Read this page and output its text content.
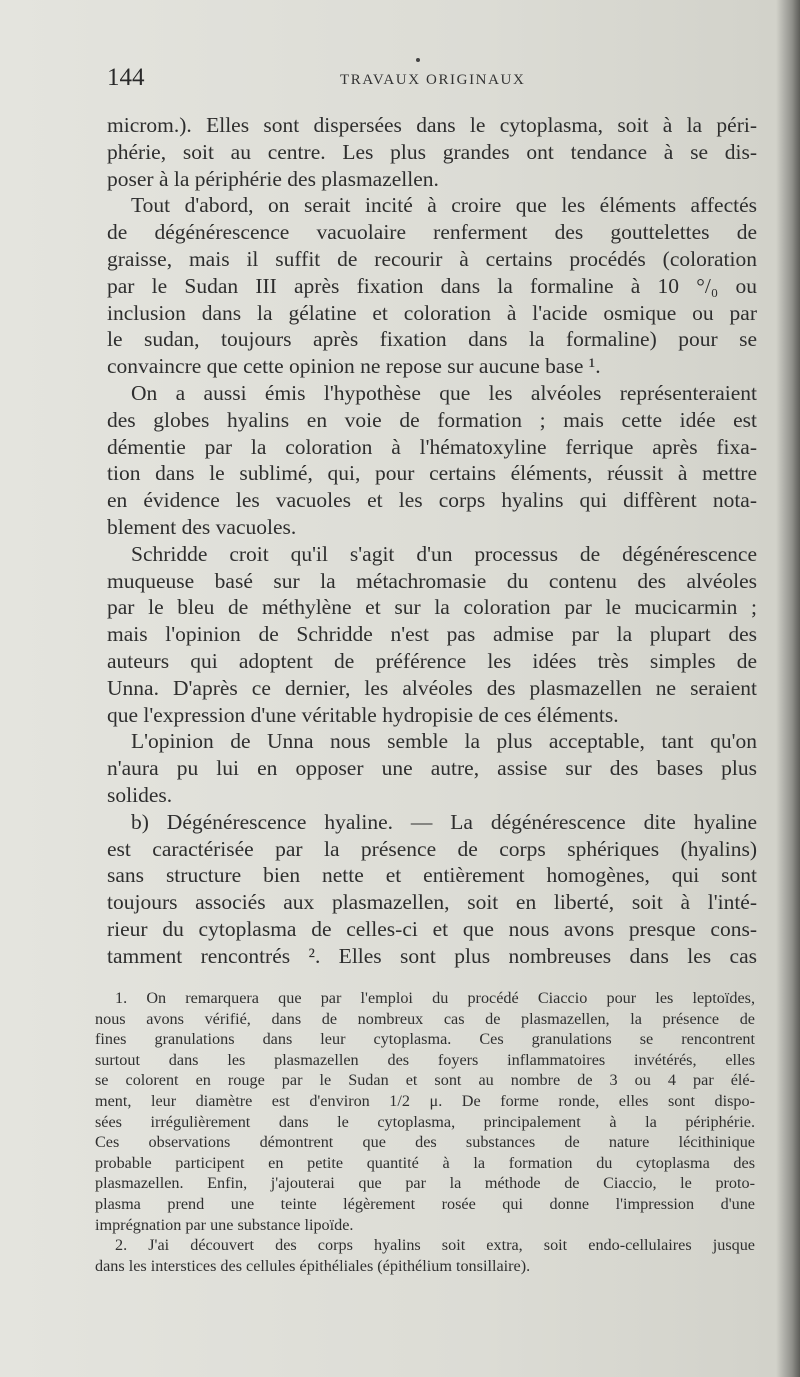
144	TRAVAUX ORIGINAUX
microm.). Elles sont dispersées dans le cytoplasma, soit à la péri-
phérie, soit au centre. Les plus grandes ont tendance à se dis-
poser à la périphérie des plasmazellen.
Tout d'abord, on serait incité à croire que les éléments affectés
de dégénérescence vacuolaire renferment des gouttelettes de
graisse, mais il suffit de recourir à certains procédés (coloration
par le Sudan III après fixation dans la formaline à 10 °/₀ ou
inclusion dans la gélatine et coloration à l'acide osmique ou par
le sudan, toujours après fixation dans la formaline) pour se
convaincre que cette opinion ne repose sur aucune base ¹.
On a aussi émis l'hypothèse que les alvéoles représenteraient
des globes hyalins en voie de formation ; mais cette idée est
démentie par la coloration à l'hématoxyline ferrique après fixa-
tion dans le sublimé, qui, pour certains éléments, réussit à mettre
en évidence les vacuoles et les corps hyalins qui diffèrent nota-
blement des vacuoles.
Schridde croit qu'il s'agit d'un processus de dégénérescence
muqueuse basé sur la métachromasie du contenu des alvéoles
par le bleu de méthylène et sur la coloration par le mucicarmin ;
mais l'opinion de Schridde n'est pas admise par la plupart des
auteurs qui adoptent de préférence les idées très simples de
Unna. D'après ce dernier, les alvéoles des plasmazellen ne seraient
que l'expression d'une véritable hydropisie de ces éléments.
L'opinion de Unna nous semble la plus acceptable, tant qu'on
n'aura pu lui en opposer une autre, assise sur des bases plus
solides.
b) Dégénérescence hyaline. — La dégénérescence dite hyaline
est caractérisée par la présence de corps sphériques (hyalins)
sans structure bien nette et entièrement homogènes, qui sont
toujours associés aux plasmazellen, soit en liberté, soit à l'inté-
rieur du cytoplasma de celles-ci et que nous avons presque cons-
tamment rencontrés ². Elles sont plus nombreuses dans les cas
1. On remarquera que par l'emploi du procédé Ciaccio pour les leptoïdes,
nous avons vérifié, dans de nombreux cas de plasmazellen, la présence de
fines granulations dans leur cytoplasma. Ces granulations se rencontrent
surtout dans les plasmazellen des foyers inflammatoires invétérés, elles
se colorent en rouge par le Sudan et sont au nombre de 3 ou 4 par élé-
ment, leur diamètre est d'environ 1/2 μ. De forme ronde, elles sont dispo-
sées irrégulièrement dans le cytoplasma, principalement à la périphérie.
Ces observations démontrent que des substances de nature lécithinique
probable participent en petite quantité à la formation du cytoplasma des
plasmazellen. Enfin, j'ajouterai que par la méthode de Ciaccio, le proto-
plasma prend une teinte légèrement rosée qui donne l'impression d'une
imprégnation par une substance lipoïde.
2. J'ai découvert des corps hyalins soit extra, soit endo-cellulaires jusque
dans les interstices des cellules épithéliales (épithélium tonsillaire).
